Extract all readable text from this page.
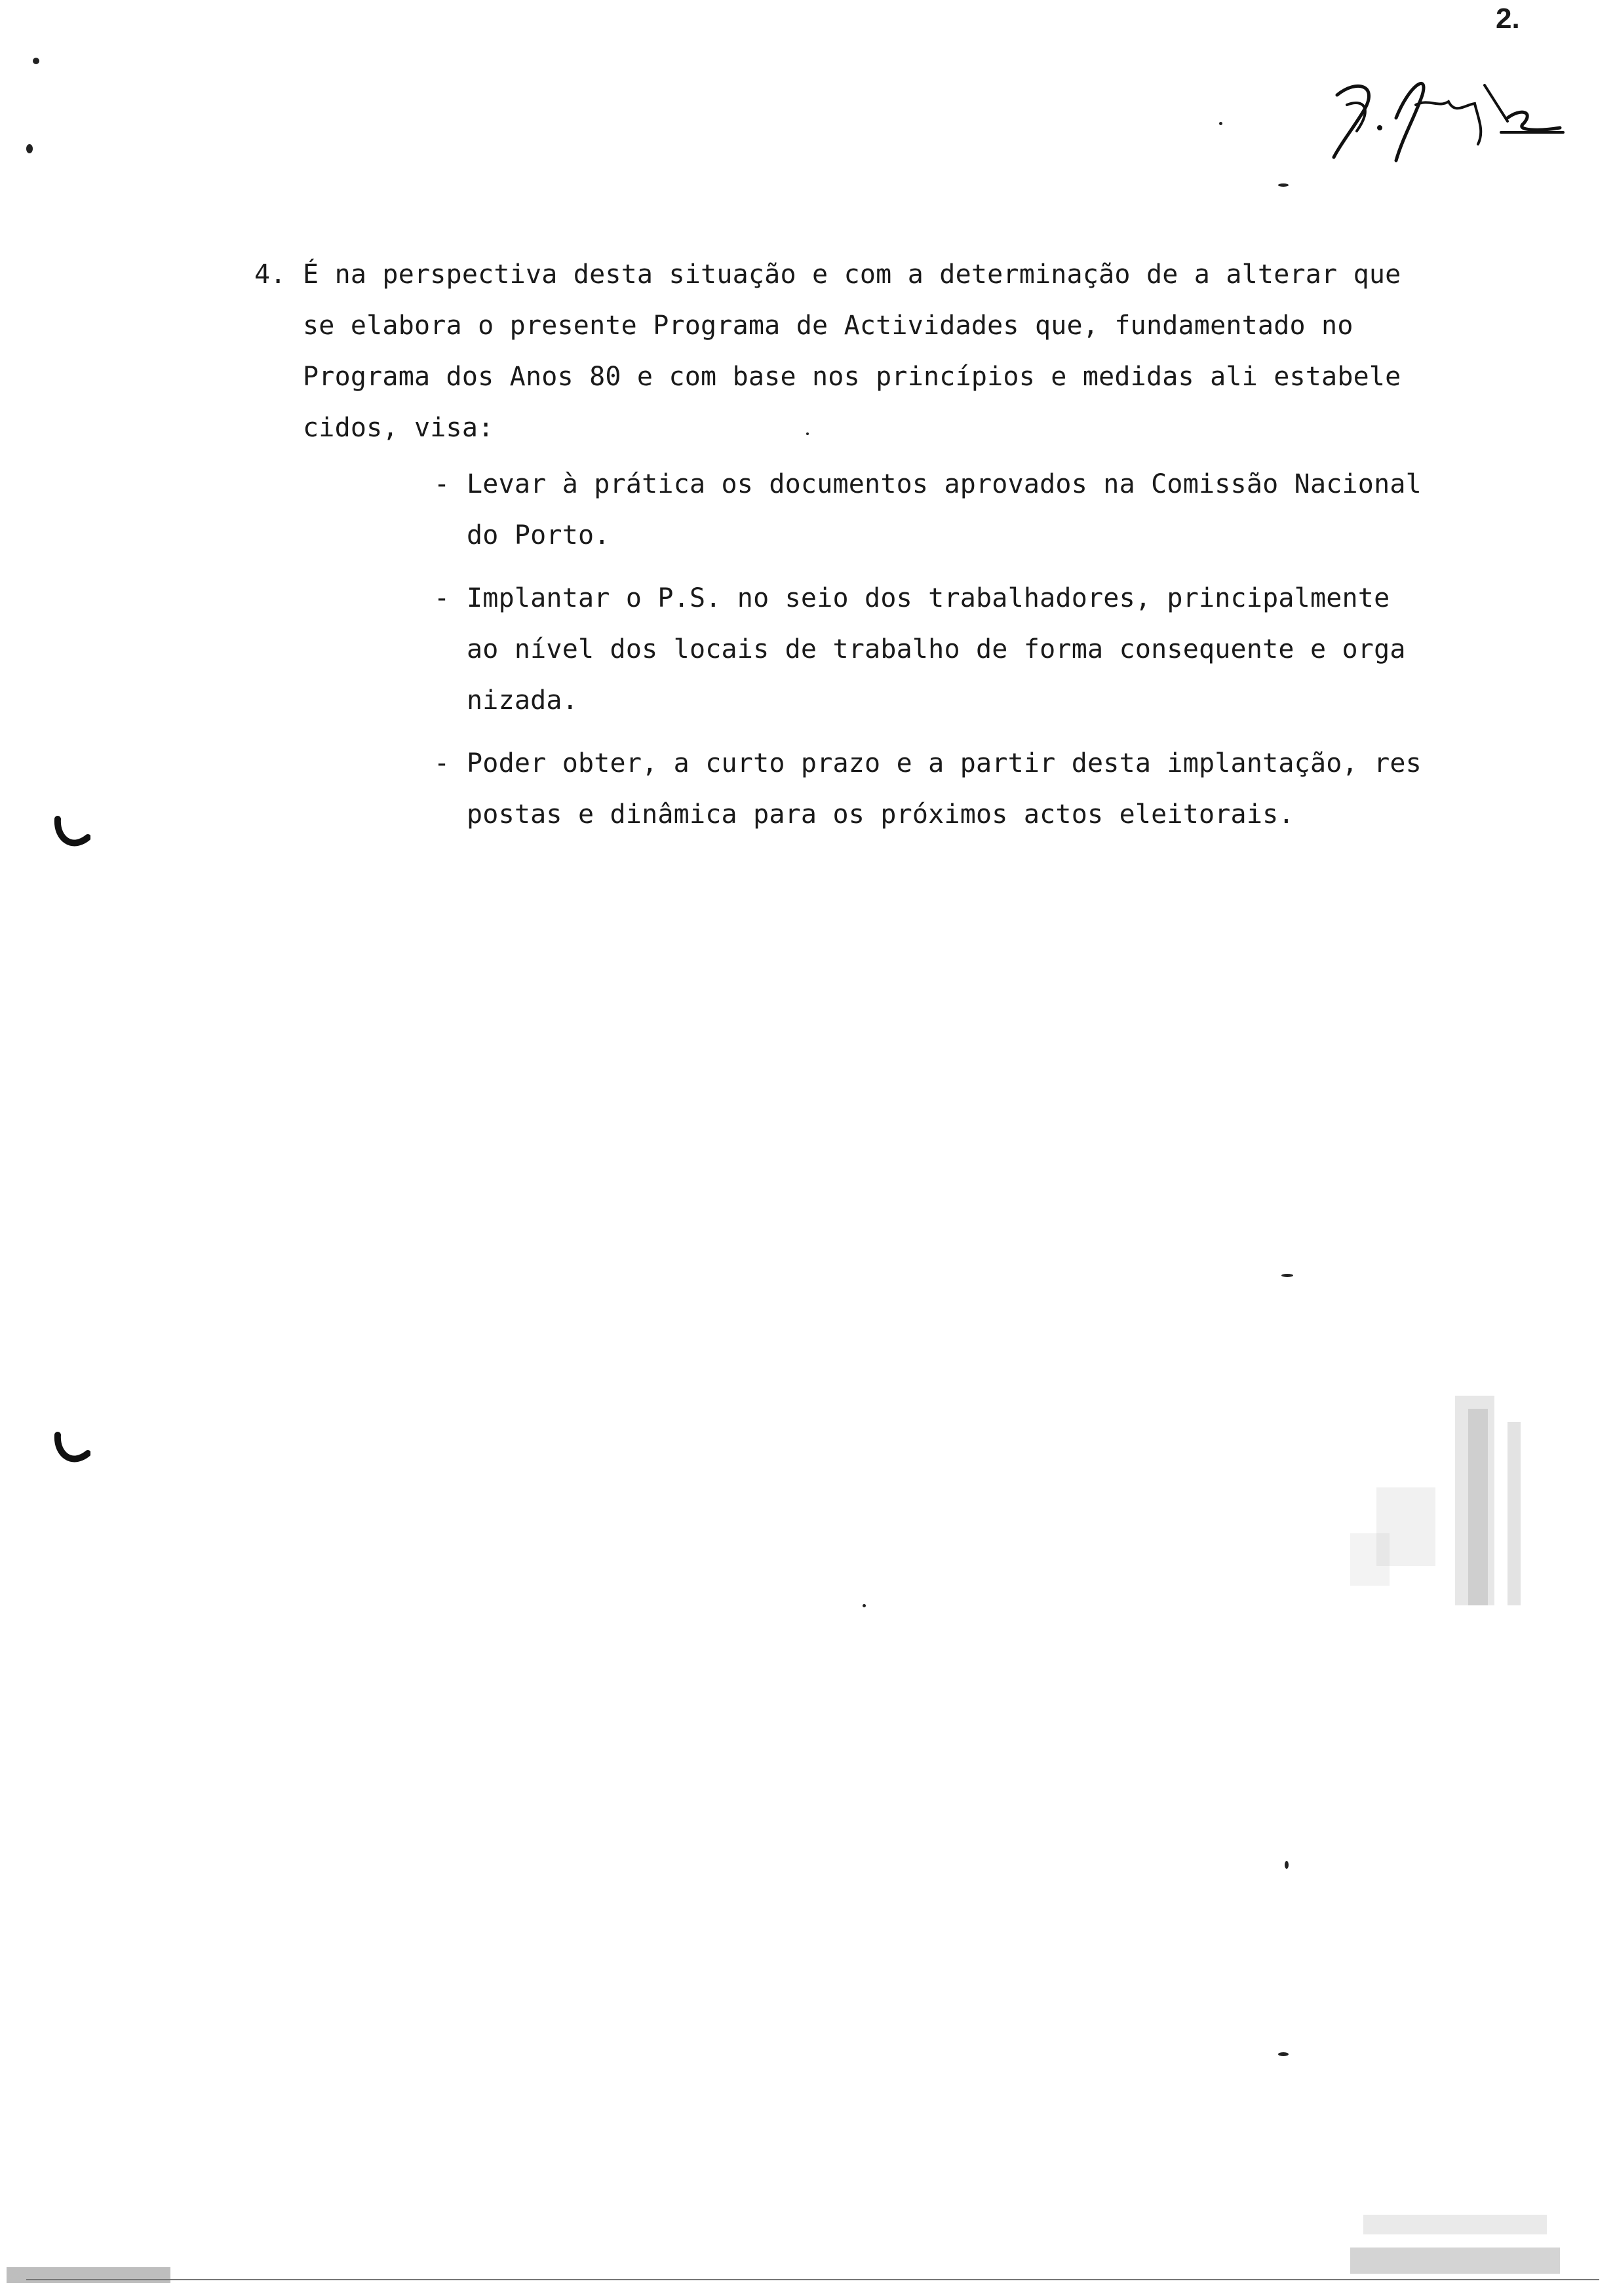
2.
4. É na perspectiva desta situação e com a determinação de a alterar que
se elabora o presente Programa de Actividades que, fundamentado no
Programa dos Anos 80 e com base nos princípios e medidas ali estabele
cidos, visa:
- Levar à prática os documentos aprovados na Comissão Nacional
do Porto.
- Implantar o P.S. no seio dos trabalhadores, principalmente
ao nível dos locais de trabalho de forma consequente e orga
nizada.
- Poder obter, a curto prazo e a partir desta implantação, res
postas e dinâmica para os próximos actos eleitorais.
